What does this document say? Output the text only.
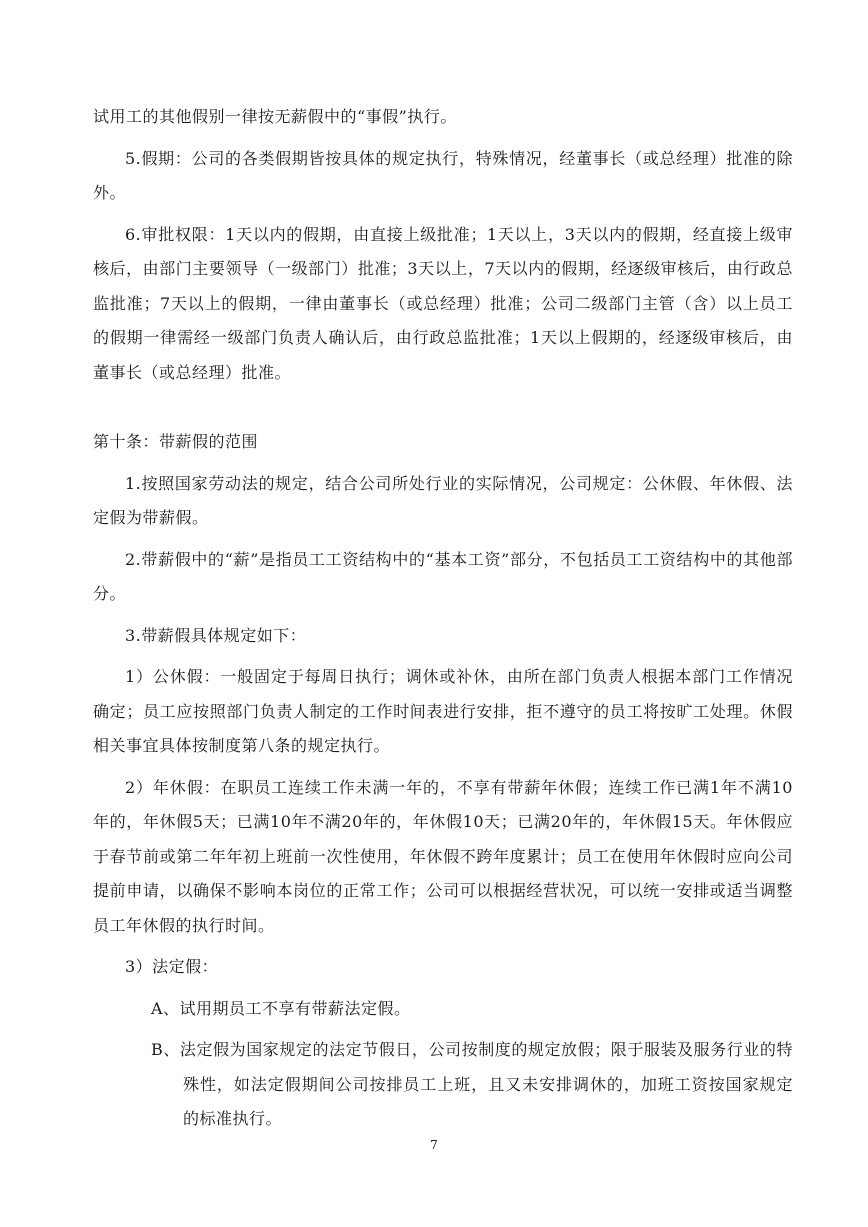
试用工的其他假别一律按无薪假中的“事假”执行。

5.假期：公司的各类假期皆按具体的规定执行，特殊情况，经董事长（或总经理）批准的除外。

6.审批权限：1天以内的假期，由直接上级批准；1天以上，3天以内的假期，经直接上级审核后，由部门主要领导（一级部门）批准；3天以上，7天以内的假期，经逐级审核后，由行政总监批准；7天以上的假期，一律由董事长（或总经理）批准；公司二级部门主管（含）以上员工的假期一律需经一级部门负责人确认后，由行政总监批准；1天以上假期的，经逐级审核后，由董事长（或总经理）批准。

第十条：带薪假的范围

1.按照国家劳动法的规定，结合公司所处行业的实际情况，公司规定：公休假、年休假、法定假为带薪假。

2.带薪假中的“薪”是指员工工资结构中的“基本工资”部分，不包括员工工资结构中的其他部分。

3.带薪假具体规定如下：

1）公休假：一般固定于每周日执行；调休或补休，由所在部门负责人根据本部门工作情况确定；员工应按照部门负责人制定的工作时间表进行安排，拒不遵守的员工将按旷工处理。休假相关事宜具体按制度第八条的规定执行。

2）年休假：在职员工连续工作未满一年的，不享有带薪年休假；连续工作已满1年不满10年的，年休假5天；已满10年不满20年的，年休假10天；已满20年的，年休假15天。年休假应于春节前或第二年年初上班前一次性使用，年休假不跨年度累计；员工在使用年休假时应向公司提前申请，以确保不影响本岗位的正常工作；公司可以根据经营状况，可以统一安排或适当调整员工年休假的执行时间。

3）法定假：

A、试用期员工不享有带薪法定假。

B、法定假为国家规定的法定节假日，公司按制度的规定放假；限于服装及服务行业的特殊性，如法定假期间公司按排员工上班，且又未安排调休的，加班工资按国家规定的标准执行。

7
